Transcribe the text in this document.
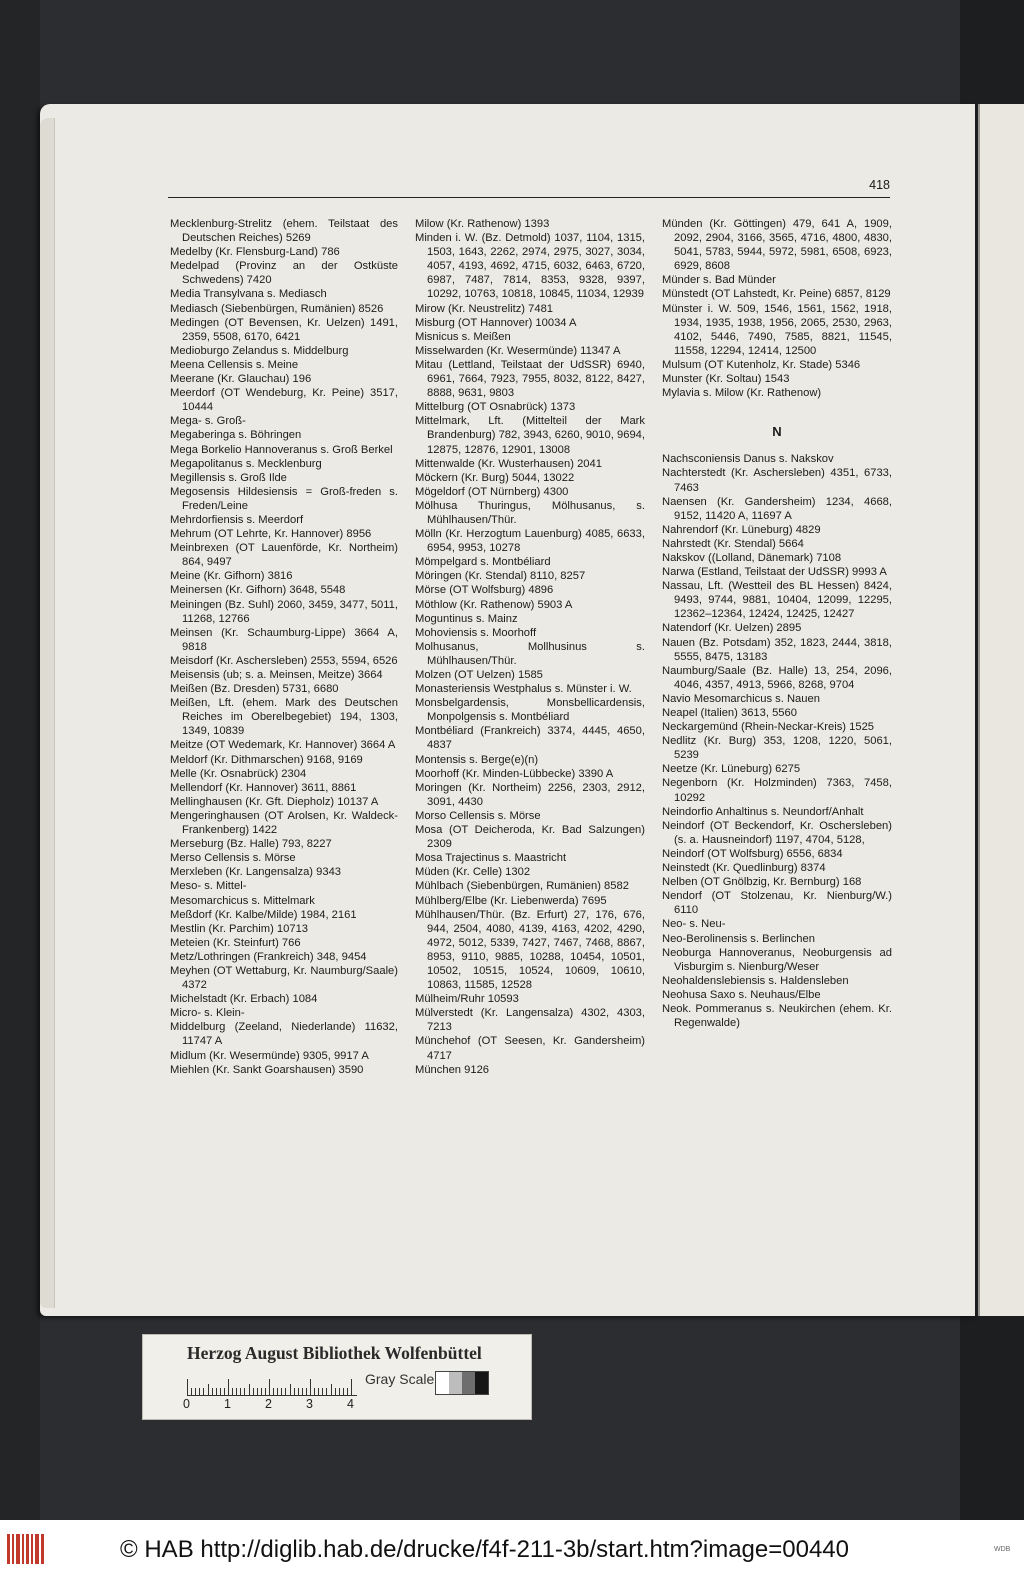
418
Mecklenburg-Strelitz (ehem. Teilstaat des Deutschen Reiches) 5269
Medelby (Kr. Flensburg-Land) 786
Medelpad (Provinz an der Ostküste Schwedens) 7420
Media Transylvana s. Mediasch
Mediasch (Siebenbürgen, Rumänien) 8526
Medingen (OT Bevensen, Kr. Uelzen) 1491, 2359, 5508, 6170, 6421
Medioburgo Zelandus s. Middelburg
Meena Cellensis s. Meine
Meerane (Kr. Glauchau) 196
Meerdorf (OT Wendeburg, Kr. Peine) 3517, 10444
Mega- s. Groß-
Megaberinga s. Böhringen
Mega Borkelio Hannoveranus s. Groß Berkel
Megapolitanus s. Mecklenburg
Megillensis s. Groß Ilde
Megosensis Hildesiensis = Groß-freden s. Freden/Leine
Mehrdorfiensis s. Meerdorf
Mehrum (OT Lehrte, Kr. Hannover) 8956
Meinbrexen (OT Lauenförde, Kr. Northeim) 864, 9497
Meine (Kr. Gifhorn) 3816
Meinersen (Kr. Gifhorn) 3648, 5548
Meiningen (Bz. Suhl) 2060, 3459, 3477, 5011, 11268, 12766
Meinsen (Kr. Schaumburg-Lippe) 3664 A, 9818
Meisdorf (Kr. Aschersleben) 2553, 5594, 6526
Meisensis (ub; s. a. Meinsen, Meitze) 3664
Meißen (Bz. Dresden) 5731, 6680
Meißen, Lft. (ehem. Mark des Deutschen Reiches im Oberelbegebiet) 194, 1303, 1349, 10839
Meitze (OT Wedemark, Kr. Hannover) 3664 A
Meldorf (Kr. Dithmarschen) 9168, 9169
Melle (Kr. Osnabrück) 2304
Mellendorf (Kr. Hannover) 3611, 8861
Mellinghausen (Kr. Gft. Diepholz) 10137 A
Mengeringhausen (OT Arolsen, Kr. Waldeck-Frankenberg) 1422
Merseburg (Bz. Halle) 793, 8227
Merso Cellensis s. Mörse
Merxleben (Kr. Langensalza) 9343
Meso- s. Mittel-
Mesomarchicus s. Mittelmark
Meßdorf (Kr. Kalbe/Milde) 1984, 2161
Mestlin (Kr. Parchim) 10713
Meteien (Kr. Steinfurt) 766
Metz/Lothringen (Frankreich) 348, 9454
Meyhen (OT Wettaburg, Kr. Naumburg/Saale) 4372
Michelstadt (Kr. Erbach) 1084
Micro- s. Klein-
Middelburg (Zeeland, Niederlande) 11632, 11747 A
Midlum (Kr. Wesermünde) 9305, 9917 A
Miehlen (Kr. Sankt Goarshausen) 3590
Milow (Kr. Rathenow) 1393
Minden i. W. (Bz. Detmold) 1037, 1104, 1315, 1503, 1643, 2262, 2974, 2975, 3027, 3034, 4057, 4193, 4692, 4715, 6032, 6463, 6720, 6987, 7487, 7814, 8353, 9328, 9397, 10292, 10763, 10818, 10845, 11034, 12939
Mirow (Kr. Neustrelitz) 7481
Misburg (OT Hannover) 10034 A
Misnicus s. Meißen
Misselwarden (Kr. Wesermünde) 11347 A
Mitau (Lettland, Teilstaat der UdSSR) 6940, 6961, 7664, 7923, 7955, 8032, 8122, 8427, 8888, 9631, 9803
Mittelburg (OT Osnabrück) 1373
Mittelmark, Lft. (Mittelteil der Mark Brandenburg) 782, 3943, 6260, 9010, 9694, 12875, 12876, 12901, 13008
Mittenwalde (Kr. Wusterhausen) 2041
Möckern (Kr. Burg) 5044, 13022
Mögeldorf (OT Nürnberg) 4300
Mölhusa Thuringus, Mölhusanus, s. Mühlhausen/Thür.
Mölln (Kr. Herzogtum Lauenburg) 4085, 6633, 6954, 9953, 10278
Mömpelgard s. Montbéliard
Möringen (Kr. Stendal) 8110, 8257
Mörse (OT Wolfsburg) 4896
Möthlow (Kr. Rathenow) 5903 A
Moguntinus s. Mainz
Mohoviensis s. Moorhoff
Molhusanus, Mollhusinus s. Mühlhausen/Thür.
Molzen (OT Uelzen) 1585
Monasteriensis Westphalus s. Münster i. W.
Monsbelgardensis, Monsbellicardensis, Monpolgensis s. Montbéliard
Montbéliard (Frankreich) 3374, 4445, 4650, 4837
Montensis s. Berge(e)(n)
Moorhoff (Kr. Minden-Lübbecke) 3390 A
Moringen (Kr. Northeim) 2256, 2303, 2912, 3091, 4430
Morso Cellensis s. Mörse
Mosa (OT Deicheroda, Kr. Bad Salzungen) 2309
Mosa Trajectinus s. Maastricht
Müden (Kr. Celle) 1302
Mühlbach (Siebenbürgen, Rumänien) 8582
Mühlberg/Elbe (Kr. Liebenwerda) 7695
Mühlhausen/Thür. (Bz. Erfurt) 27, 176, 676, 944, 2504, 4080, 4139, 4163, 4202, 4290, 4972, 5012, 5339, 7427, 7467, 7468, 8867, 8953, 9110, 9885, 10288, 10454, 10501, 10502, 10515, 10524, 10609, 10610, 10863, 11585, 12528
Mülheim/Ruhr 10593
Mülverstedt (Kr. Langensalza) 4302, 4303, 7213
Münchehof (OT Seesen, Kr. Gandersheim) 4717
München 9126
Münden (Kr. Göttingen) 479, 641 A, 1909, 2092, 2904, 3166, 3565, 4716, 4800, 4830, 5041, 5783, 5944, 5972, 5981, 6508, 6923, 6929, 8608
Münder s. Bad Münder
Münstedt (OT Lahstedt, Kr. Peine) 6857, 8129
Münster i. W. 509, 1546, 1561, 1562, 1918, 1934, 1935, 1938, 1956, 2065, 2530, 2963, 4102, 5446, 7490, 7585, 8821, 11545, 11558, 12294, 12414, 12500
Mulsum (OT Kutenholz, Kr. Stade) 5346
Munster (Kr. Soltau) 1543
Mylavia s. Milow (Kr. Rathenow)
N
Nachsconiensis Danus s. Nakskov
Nachterstedt (Kr. Aschersleben) 4351, 6733, 7463
Naensen (Kr. Gandersheim) 1234, 4668, 9152, 11420 A, 11697 A
Nahrendorf (Kr. Lüneburg) 4829
Nahrstedt (Kr. Stendal) 5664
Nakskov ((Lolland, Dänemark) 7108
Narwa (Estland, Teilstaat der UdSSR) 9993 A
Nassau, Lft. (Westteil des BL Hessen) 8424, 9493, 9744, 9881, 10404, 12099, 12295, 12362–12364, 12424, 12425, 12427
Natendorf (Kr. Uelzen) 2895
Nauen (Bz. Potsdam) 352, 1823, 2444, 3818, 5555, 8475, 13183
Naumburg/Saale (Bz. Halle) 13, 254, 2096, 4046, 4357, 4913, 5966, 8268, 9704
Navio Mesomarchicus s. Nauen
Neapel (Italien) 3613, 5560
Neckargemünd (Rhein-Neckar-Kreis) 1525
Nedlitz (Kr. Burg) 353, 1208, 1220, 5061, 5239
Neetze (Kr. Lüneburg) 6275
Negenborn (Kr. Holzminden) 7363, 7458, 10292
Neindorfio Anhaltinus s. Neundorf/Anhalt
Neindorf (OT Beckendorf, Kr. Oschersleben) (s. a. Hausneindorf) 1197, 4704, 5128,
Neindorf (OT Wolfsburg) 6556, 6834
Neinstedt (Kr. Quedlinburg) 8374
Nelben (OT Gnölbzig, Kr. Bernburg) 168
Nendorf (OT Stolzenau, Kr. Nienburg/W.) 6110
Neo- s. Neu-
Neo-Berolinensis s. Berlinchen
Neoburga Hannoveranus, Neoburgensis ad Visburgim s. Nienburg/Weser
Neohaldenslebiensis s. Haldensleben
Neohusa Saxo s. Neuhaus/Elbe
Neok. Pommeranus s. Neukirchen (ehem. Kr. Regenwalde)
Herzog August Bibliothek Wolfenbüttel
0	1	2	3	4
Gray Scale
© HAB http://diglib.hab.de/drucke/f4f-211-3b/start.htm?image=00440	WDB
